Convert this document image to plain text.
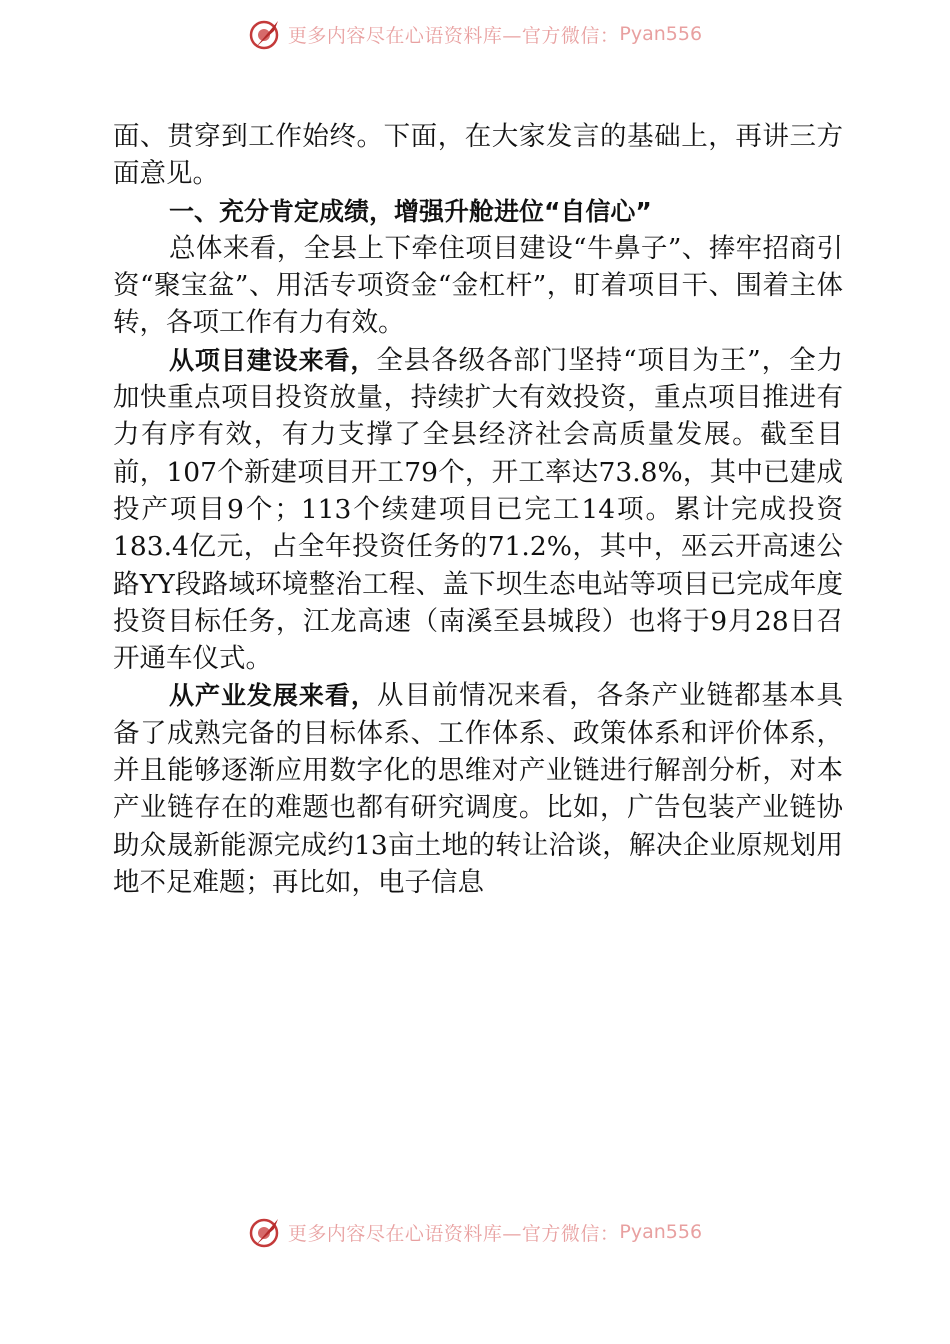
更多内容尽在心语资料库—官方微信： Pyan556

面、贯穿到工作始终。下面，在大家发言的基础上，再讲三方面意见。

一、充分肯定成绩，增强升舱进位“自信心”

总体来看，全县上下牵住项目建设“牛鼻子”、捧牢招商引资“聚宝盆”、用活专项资金“金杠杆”，盯着项目干、围着主体转，各项工作有力有效。

从项目建设来看，全县各级各部门坚持“项目为王”，全力加快重点项目投资放量，持续扩大有效投资，重点项目推进有力有序有效，有力支撑了全县经济社会高质量发展。截至目前，107个新建项目开工79个，开工率达73.8%，其中已建成投产项目9个；113个续建项目已完工14项。累计完成投资183.4亿元，占全年投资任务的71.2%，其中，巫云开高速公路YY段路域环境整治工程、盖下坝生态电站等项目已完成年度投资目标任务，江龙高速（南溪至县城段）也将于9月28日召开通车仪式。

从产业发展来看，从目前情况来看，各条产业链都基本具备了成熟完备的目标体系、工作体系、政策体系和评价体系，并且能够逐渐应用数字化的思维对产业链进行解剖分析，对本产业链存在的难题也都有研究调度。比如，广告包装产业链协助众晟新能源完成约13亩土地的转让洽谈，解决企业原规划用地不足难题；再比如，电子信息

更多内容尽在心语资料库—官方微信： Pyan556
